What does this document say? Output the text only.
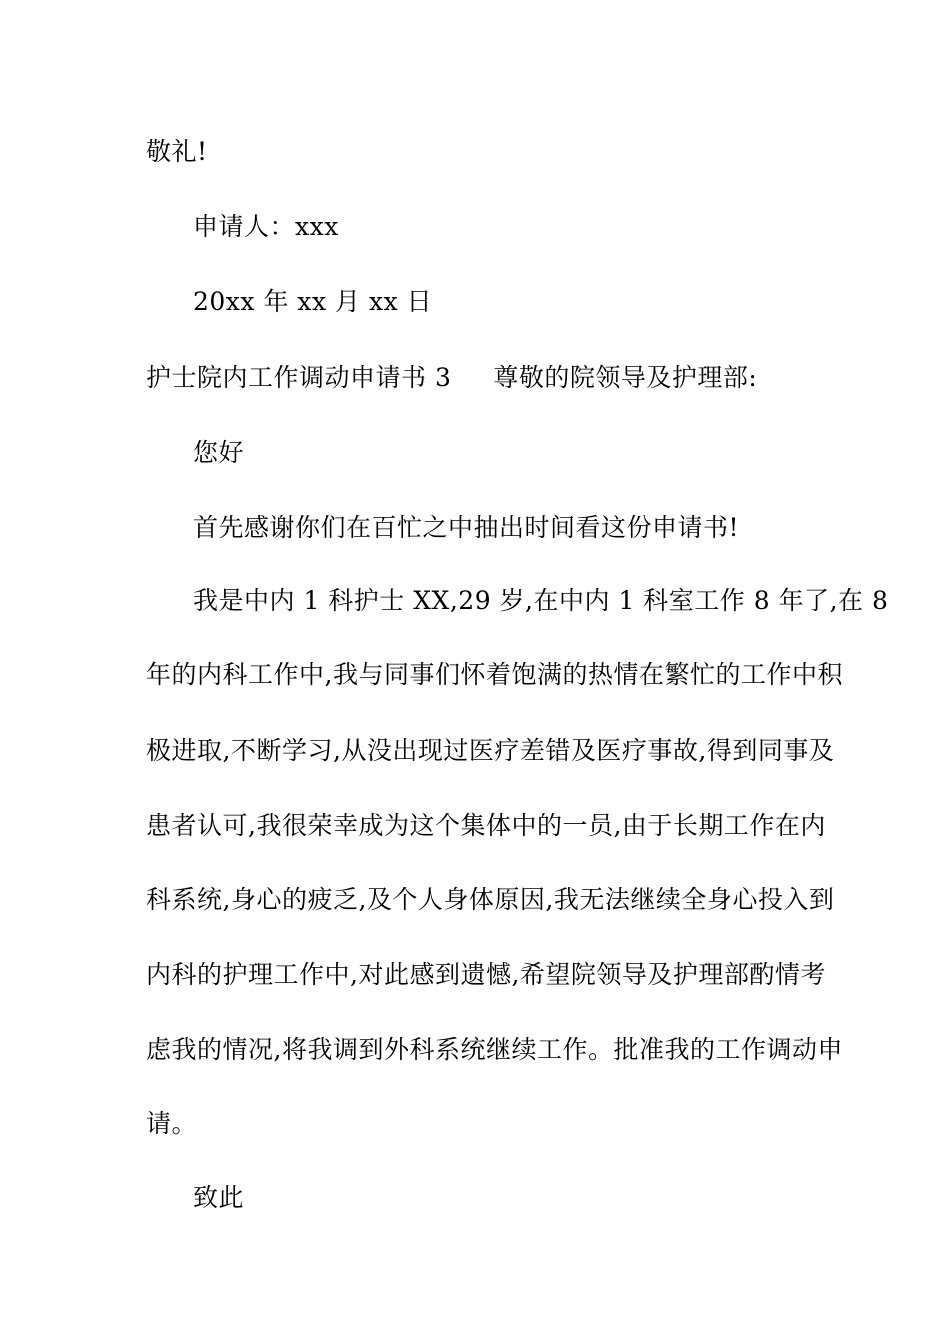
敬礼!
申请人：xxx
20xx 年 xx 月 xx 日
护士院内工作调动申请书 3 尊敬的院领导及护理部:
您好
首先感谢你们在百忙之中抽出时间看这份申请书!
我是中内 1 科护士 XX,29 岁,在中内 1 科室工作 8 年了,在 8
年的内科工作中,我与同事们怀着饱满的热情在繁忙的工作中积
极进取,不断学习,从没出现过医疗差错及医疗事故,得到同事及
患者认可,我很荣幸成为这个集体中的一员,由于长期工作在内
科系统,身心的疲乏,及个人身体原因,我无法继续全身心投入到
内科的护理工作中,对此感到遗憾,希望院领导及护理部酌情考
虑我的情况,将我调到外科系统继续工作。批准我的工作调动申
请。
致此
